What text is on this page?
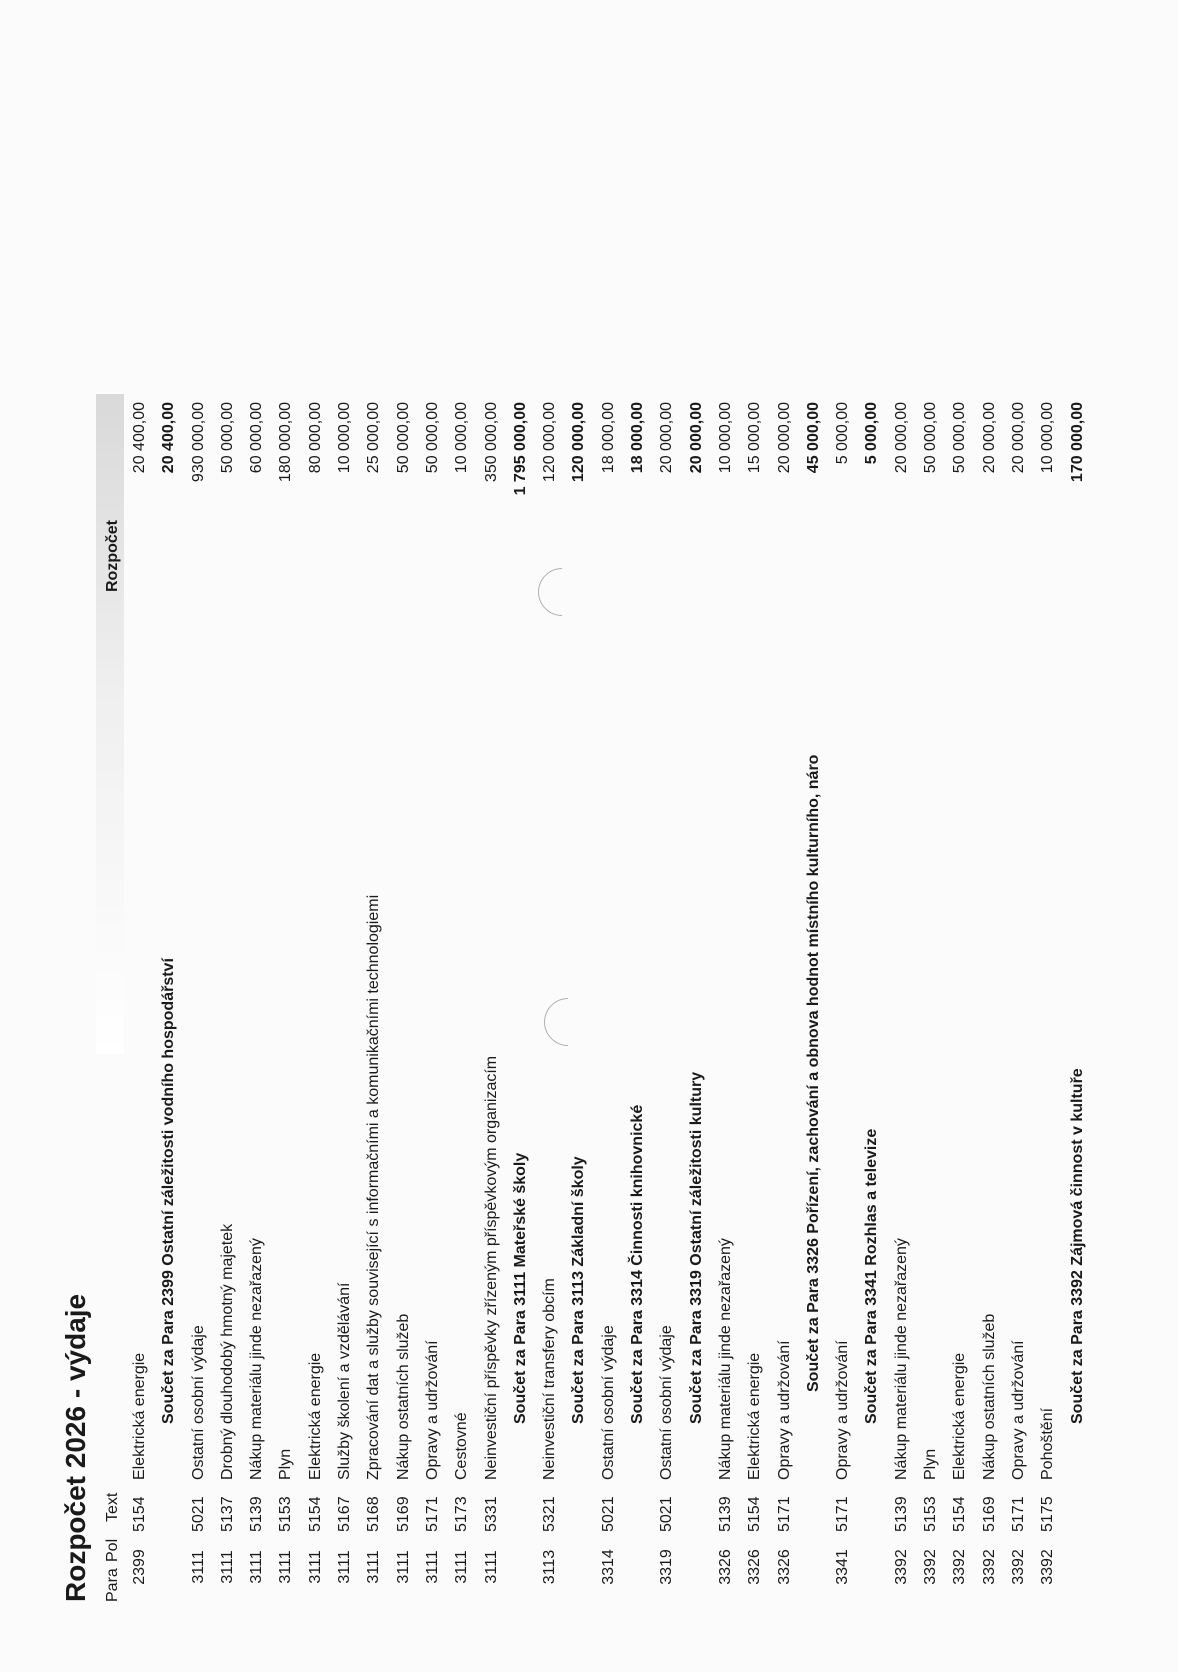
Rozpočet 2026 - výdaje Para
Pol
Text
Rozpočet
2399
5154
Elektrická energie
20 400,00
Součet za Para 2399 Ostatní záležitosti vodního hospodářství
20 400,00
3111
5021
Ostatní osobní výdaje
930 000,00
3111
5137
Drobný dlouhodobý hmotný majetek
50 000,00
3111
5139
Nákup materiálu jinde nezařazený
60 000,00
3111
5153
Plyn
180 000,00
3111
5154
Elektrická energie
80 000,00
3111
5167
Služby školení a vzdělávání
10 000,00
3111
5168
Zpracování dat a služby související s informačními a komunikačními technologiemi
25 000,00
3111
5169
Nákup ostatních služeb
50 000,00
3111
5171
Opravy a udržování
50 000,00
3111
5173
Cestovné
10 000,00
3111
5331
Neinvestiční příspěvky zřízeným příspěvkovým organizacím
350 000,00
Součet za Para 3111 Mateřské školy
1 795 000,00
3113
5321
Neinvestiční transfery obcím
120 000,00
Součet za Para 3113 Základní školy
120 000,00
3314
5021
Ostatní osobní výdaje
18 000,00
Součet za Para 3314 Činnosti knihovnické
18 000,00
3319
5021
Ostatní osobní výdaje
20 000,00
Součet za Para 3319 Ostatní záležitosti kultury
20 000,00
3326
5139
Nákup materiálu jinde nezařazený
10 000,00
3326
5154
Elektrická energie
15 000,00
3326
5171
Opravy a udržování
20 000,00
Součet za Para 3326 Pořízení, zachování a obnova hodnot místního kulturního, náro
45 000,00
3341
5171
Opravy a udržování
5 000,00
Součet za Para 3341 Rozhlas a televize
5 000,00
3392
5139
Nákup materiálu jinde nezařazený
20 000,00
3392
5153
Plyn
50 000,00
3392
5154
Elektrická energie
50 000,00
3392
5169
Nákup ostatních služeb
20 000,00
3392
5171
Opravy a udržování
20 000,00
3392
5175
Pohoštění
10 000,00
Součet za Para 3392 Zájmová činnost v kultuře
170 000,00
